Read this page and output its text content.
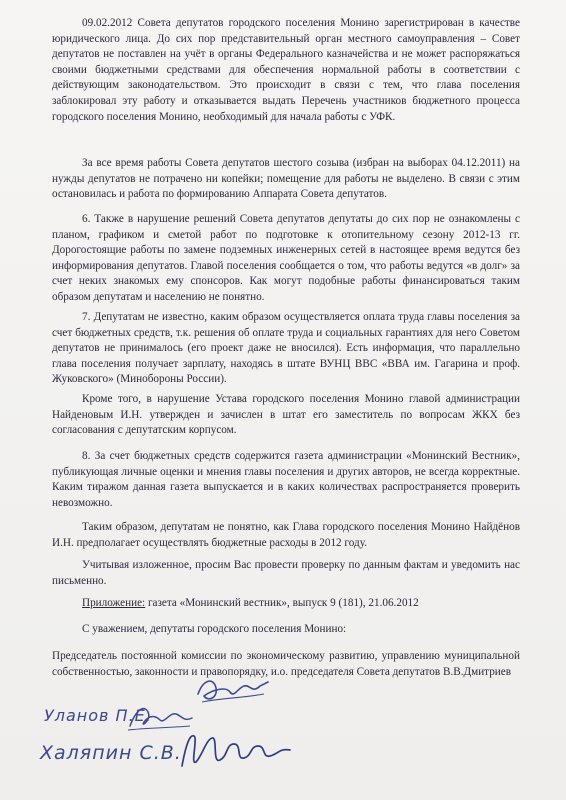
09.02.2012 Совета депутатов городского поселения Монино зарегистрирован в качестве юридического лица. До сих пор представительный орган местного самоуправления – Совет депутатов не поставлен на учёт в органы Федерального казначейства и не может распоряжаться своими бюджетными средствами для обеспечения нормальной работы в соответствии с действующим законодательством. Это происходит в связи с тем, что глава поселения заблокировал эту работу и отказывается выдать Перечень участников бюджетного процесса городского поселения Монино, необходимый для начала работы с УФК.

За все время работы Совета депутатов шестого созыва (избран на выборах 04.12.2011) на нужды депутатов не потрачено ни копейки; помещение для работы не выделено. В связи с этим остановилась и работа по формированию Аппарата Совета депутатов.

6. Также в нарушение решений Совета депутатов депутаты до сих пор не ознакомлены с планом, графиком и сметой работ по подготовке к отопительному сезону 2012-13 гг. Дорогостоящие работы по замене подземных инженерных сетей в настоящее время ведутся без информирования депутатов. Главой поселения сообщается о том, что работы ведутся «в долг» за счет неких знакомых ему спонсоров. Как могут подобные работы финансироваться таким образом депутатам и населению не понятно.

7. Депутатам не известно, каким образом осуществляется оплата труда главы поселения за счет бюджетных средств, т.к. решения об оплате труда и социальных гарантиях для него Советом депутатов не принималось (его проект даже не вносился). Есть информация, что параллельно глава поселения получает зарплату, находясь в штате ВУНЦ ВВС «ВВА им. Гагарина и проф. Жуковского» (Минобороны России).

Кроме того, в нарушение Устава городского поселения Монино главой администрации Найденовым И.Н. утвержден и зачислен в штат его заместитель по вопросам ЖКХ без согласования с депутатским корпусом.

8. За счет бюджетных средств содержится газета администрации «Монинский Вестник», публикующая личные оценки и мнения главы поселения и других авторов, не всегда корректные. Каким тиражом данная газета выпускается и в каких количествах распространяется проверить невозможно.

Таким образом, депутатам не понятно, как Глава городского поселения Монино Найдёнов И.Н. предполагает осуществлять бюджетные расходы в 2012 году.

Учитывая изложенное, просим Вас провести проверку по данным фактам и уведомить нас письменно.

Приложение: газета «Монинский вестник», выпуск 9 (181), 21.06.2012

С уважением, депутаты городского поселения Монино:

Председатель постоянной комиссии по экономическому развитию, управлению муниципальной собственностью, законности и правопорядку, и.о. председателя Совета депутатов В.В.Дмитриев

Уланов П.Е.
Халяпин С.В.
